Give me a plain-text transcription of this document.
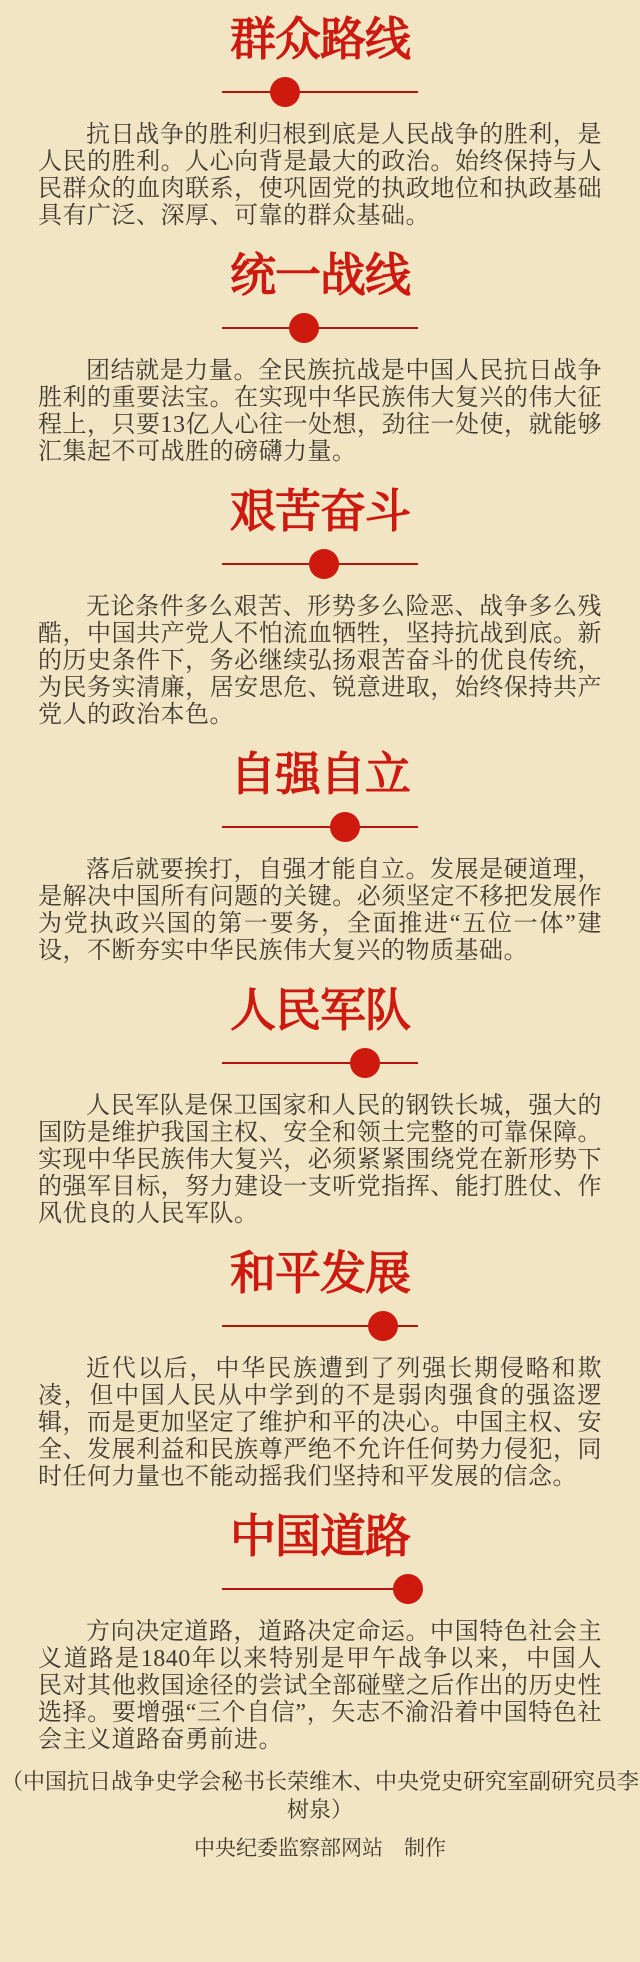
群众路线

抗日战争的胜利归根到底是人民战争的胜利，是人民的胜利。人心向背是最大的政治。始终保持与人民群众的血肉联系，使巩固党的执政地位和执政基础具有广泛、深厚、可靠的群众基础。

统一战线

团结就是力量。全民族抗战是中国人民抗日战争胜利的重要法宝。在实现中华民族伟大复兴的伟大征程上，只要13亿人心往一处想，劲往一处使，就能够汇集起不可战胜的磅礴力量。

艰苦奋斗

无论条件多么艰苦、形势多么险恶、战争多么残酷，中国共产党人不怕流血牺牲，坚持抗战到底。新的历史条件下，务必继续弘扬艰苦奋斗的优良传统，为民务实清廉，居安思危、锐意进取，始终保持共产党人的政治本色。

自强自立

落后就要挨打，自强才能自立。发展是硬道理，是解决中国所有问题的关键。必须坚定不移把发展作为党执政兴国的第一要务，全面推进“五位一体”建设，不断夯实中华民族伟大复兴的物质基础。

人民军队

人民军队是保卫国家和人民的钢铁长城，强大的国防是维护我国主权、安全和领土完整的可靠保障。实现中华民族伟大复兴，必须紧紧围绕党在新形势下的强军目标，努力建设一支听党指挥、能打胜仗、作风优良的人民军队。

和平发展

近代以后，中华民族遭到了列强长期侵略和欺凌，但中国人民从中学到的不是弱肉强食的强盗逻辑，而是更加坚定了维护和平的决心。中国主权、安全、发展利益和民族尊严绝不允许任何势力侵犯，同时任何力量也不能动摇我们坚持和平发展的信念。

中国道路

方向决定道路，道路决定命运。中国特色社会主义道路是1840年以来特别是甲午战争以来，中国人民对其他救国途径的尝试全部碰壁之后作出的历史性选择。要增强“三个自信”，矢志不渝沿着中国特色社会主义道路奋勇前进。

（中国抗日战争史学会秘书长荣维木、中央党史研究室副研究员李树泉）

中央纪委监察部网站　制作
